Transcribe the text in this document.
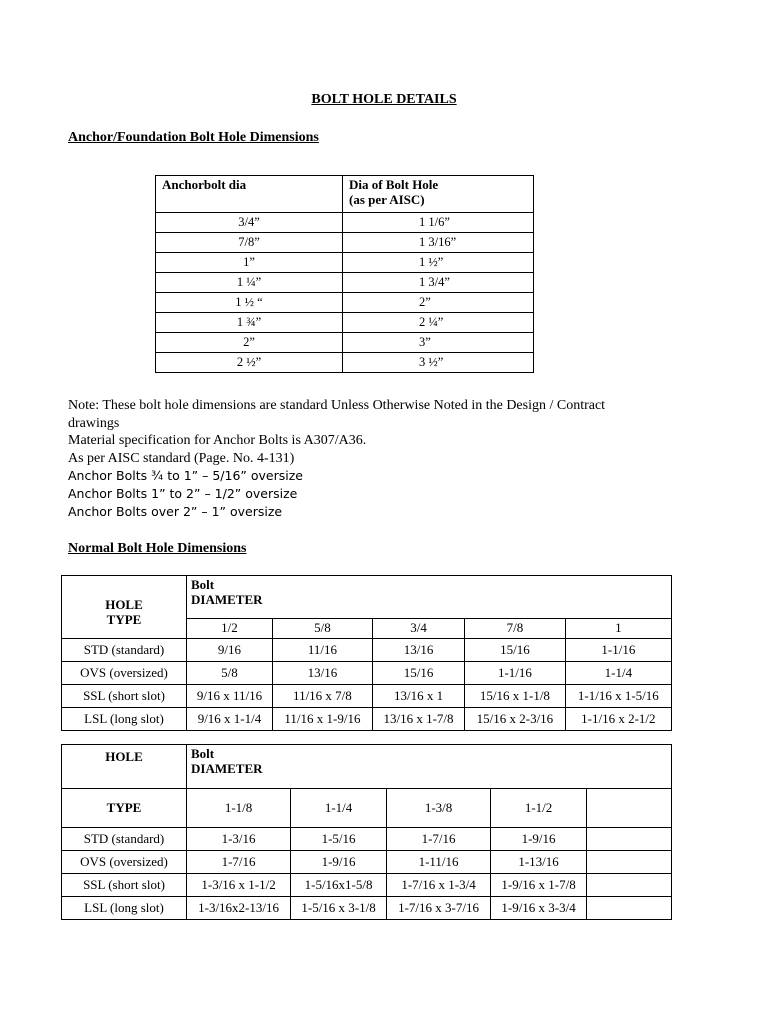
BOLT HOLE DETAILS
Anchor/Foundation Bolt Hole Dimensions
Anchorbolt dia	Dia of Bolt Hole
(as per AISC)
3/4”	1 1/6”
7/8”	1 3/16”
1”	1 ½”
1 ¼”	1 3/4”
1 ½ “	2”
1 ¾”	2 ¼”
2”	3”
2 ½”	3 ½”
Note: These bolt hole dimensions are standard Unless Otherwise Noted in the Design / Contract
drawings
Material specification for Anchor Bolts is A307/A36.
As per AISC standard (Page. No. 4-131)
Anchor Bolts ¾ to 1” – 5/16” oversize
Anchor Bolts 1” to 2” – 1/2” oversize
Anchor Bolts over 2” – 1” oversize
Normal Bolt Hole Dimensions
HOLE
TYPE	Bolt
DIAMETER				
	1/2	5/8	3/4	7/8	1
STD (standard)	9/16	11/16	13/16	15/16	1-1/16
OVS (oversized)	5/8	13/16	15/16	1-1/16	1-1/4
SSL (short slot)	9/16 x 11/16	11/16 x 7/8	13/16 x 1	15/16 x 1-1/8	1-1/16 x 1-5/16
LSL (long slot)	9/16 x 1-1/4	11/16 x 1-9/16	13/16 x 1-7/8	15/16 x 2-3/16	1-1/16 x 2-1/2
HOLE	Bolt
DIAMETER				
TYPE	1-1/8	1-1/4	1-3/8	1-1/2	
STD (standard)	1-3/16	1-5/16	1-7/16	1-9/16	
OVS (oversized)	1-7/16	1-9/16	1-11/16	1-13/16	
SSL (short slot)	1-3/16 x 1-1/2	1-5/16x1-5/8	1-7/16 x 1-3/4	1-9/16 x 1-7/8	
LSL (long slot)	1-3/16x2-13/16	1-5/16 x 3-1/8	1-7/16 x 3-7/16	1-9/16 x 3-3/4	
